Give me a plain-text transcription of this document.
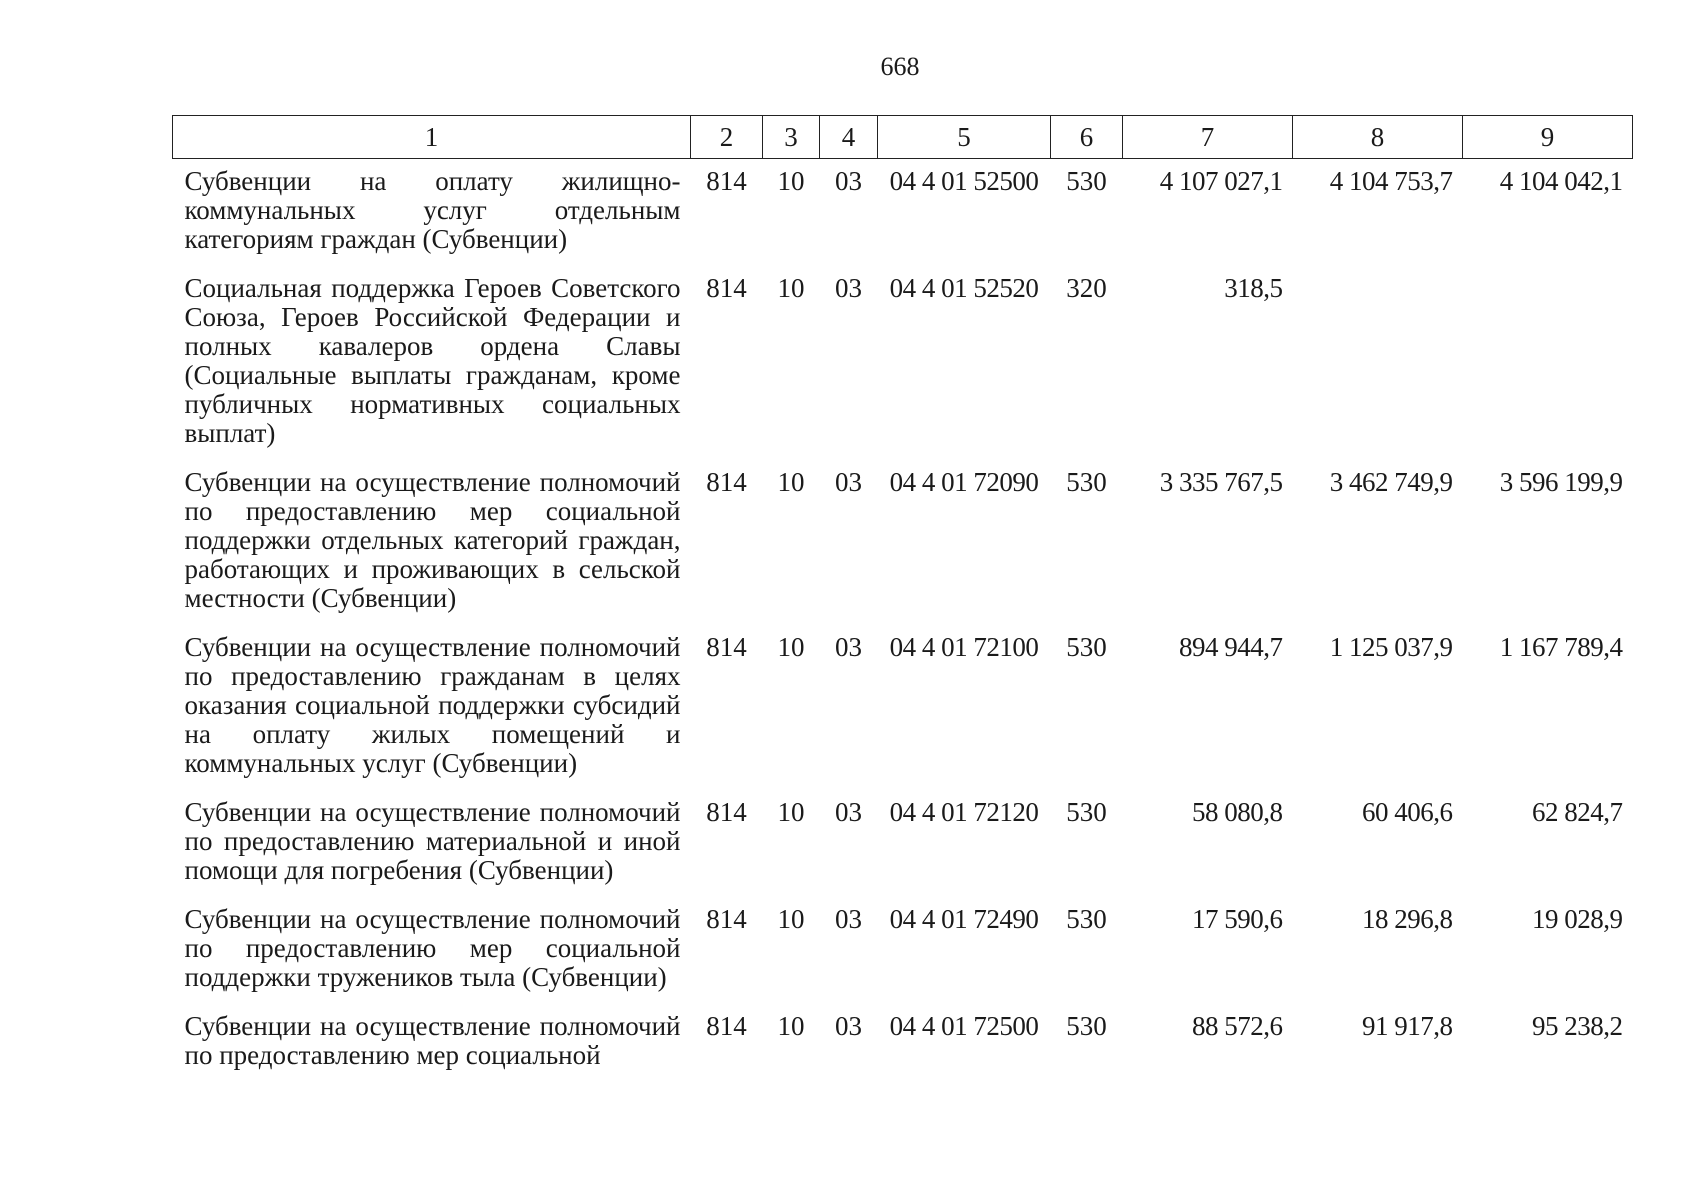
668
1	2	3	4	5	6	7	8	9
Субвенции на оплату жилищно-коммунальных услуг отдельным категориям граждан (Субвенции)	814	10	03	04 4 01 52500	530	4 107 027,1	4 104 753,7	4 104 042,1
Социальная поддержка Героев Советского Союза, Героев Российской Федерации и полных кавалеров ордена Славы (Социальные выплаты гражданам, кроме публичных нормативных социальных выплат)	814	10	03	04 4 01 52520	320	318,5		
Субвенции на осуществление полномочий по предоставлению мер социальной поддержки отдельных категорий граждан, работающих и проживающих в сельской местности (Субвенции)	814	10	03	04 4 01 72090	530	3 335 767,5	3 462 749,9	3 596 199,9
Субвенции на осуществление полномочий по предоставлению гражданам в целях оказания социальной поддержки субсидий на оплату жилых помещений и коммунальных услуг (Субвенции)	814	10	03	04 4 01 72100	530	894 944,7	1 125 037,9	1 167 789,4
Субвенции на осуществление полномочий по предоставлению материальной и иной помощи для погребения (Субвенции)	814	10	03	04 4 01 72120	530	58 080,8	60 406,6	62 824,7
Субвенции на осуществление полномочий по предоставлению мер социальной поддержки тружеников тыла (Субвенции)	814	10	03	04 4 01 72490	530	17 590,6	18 296,8	19 028,9
Субвенции на осуществление полномочий по предоставлению мер социальной	814	10	03	04 4 01 72500	530	88 572,6	91 917,8	95 238,2
